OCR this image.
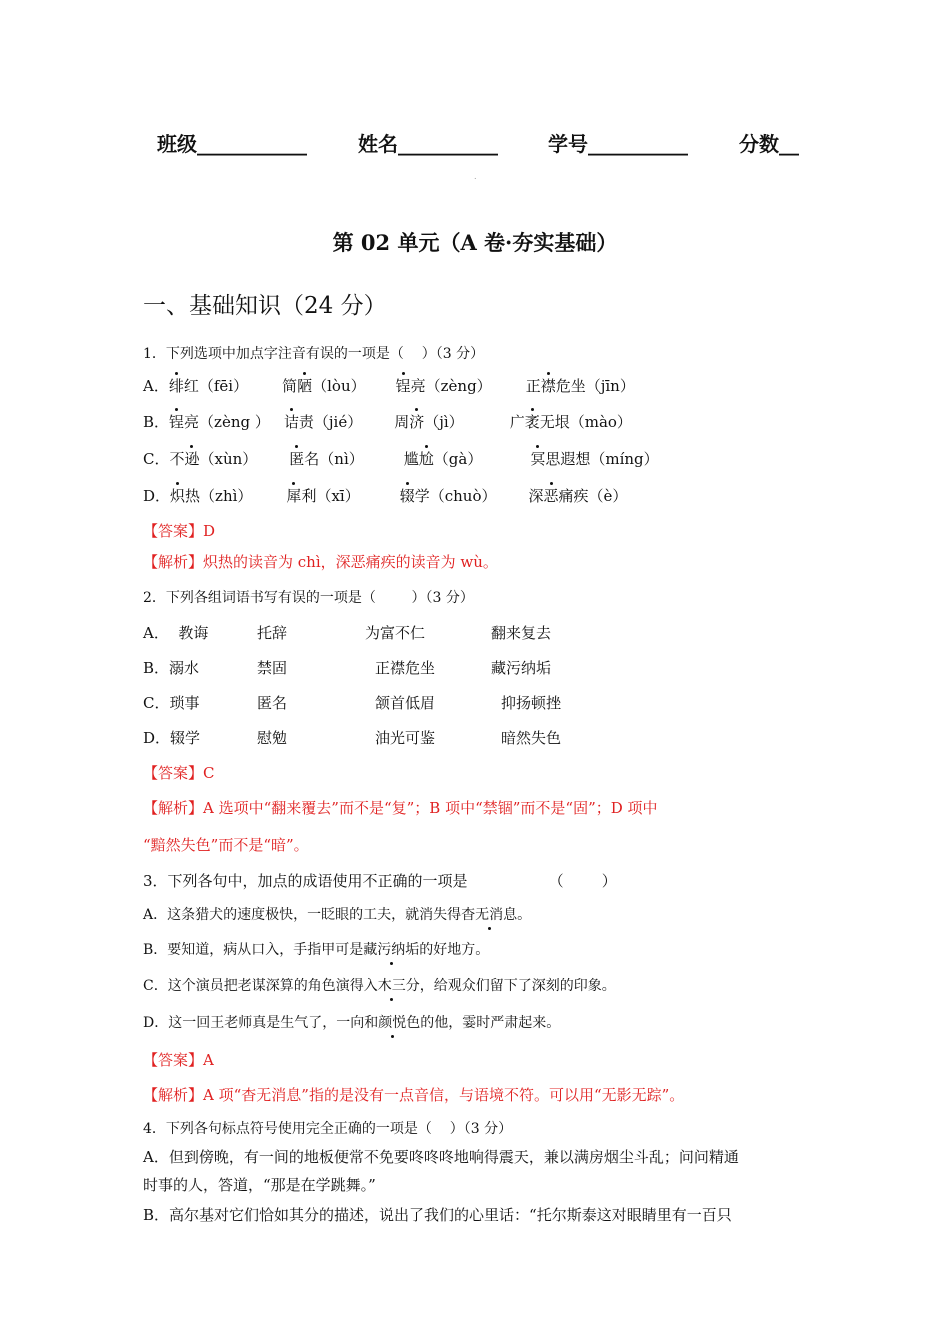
班级___________	姓名__________	学号__________	分数__
.
第 02 单元（A 卷·夯实基础）
一、基础知识（24 分）
1．下列选项中加点字注音有误的一项是（    ）（3 分）
A．绯红（fēi） 简陋（lòu） 锃亮（zèng） 正襟危坐（jīn）
B．锃亮（zèng ） 诘责（jié） 周济（jì）	广袤无垠（mào）
C．不逊（xùn） 匿名（nì）	尴尬（gà）	冥思遐想（míng）
D．炽热（zhì） 犀利（xī）	辍学（chuò） 深恶痛疾（è）
【答案】D
【解析】炽热的读音为 chì，深恶痛疾的读音为 wù。
2．下列各组词语书写有误的一项是（        ）（3 分）
A．  教诲	托辞	为富不仁	翻来复去
B．溺水	禁固	正襟危坐	藏污纳垢
C．琐事	匿名	颔首低眉	抑扬顿挫
D．辍学	慰勉	油光可鉴	暗然失色
【答案】C
【解析】A 选项中“翻来覆去”而不是“复”；B 项中“禁锢”而不是“固”；D 项中
“黯然失色”而不是“暗”。
3．下列各句中，加点的成语使用不正确的一项是                 （        ）
A．这条猎犬的速度极快，一眨眼的工夫，就消失得杳无消息。
B．要知道，病从口入，手指甲可是藏污纳垢的好地方。
C．这个演员把老谋深算的角色演得入木三分，给观众们留下了深刻的印象。
D．这一回王老师真是生气了，一向和颜悦色的他，霎时严肃起来。
【答案】A
【解析】A 项“杳无消息”指的是没有一点音信，与语境不符。可以用“无影无踪”。
4．下列各句标点符号使用完全正确的一项是（    ）（3 分）
A．但到傍晚，有一间的地板便常不免要咚咚咚地响得震天，兼以满房烟尘斗乱；问问精通
时事的人，答道，“那是在学跳舞。”
B．高尔基对它们恰如其分的描述，说出了我们的心里话：“托尔斯泰这对眼睛里有一百只
